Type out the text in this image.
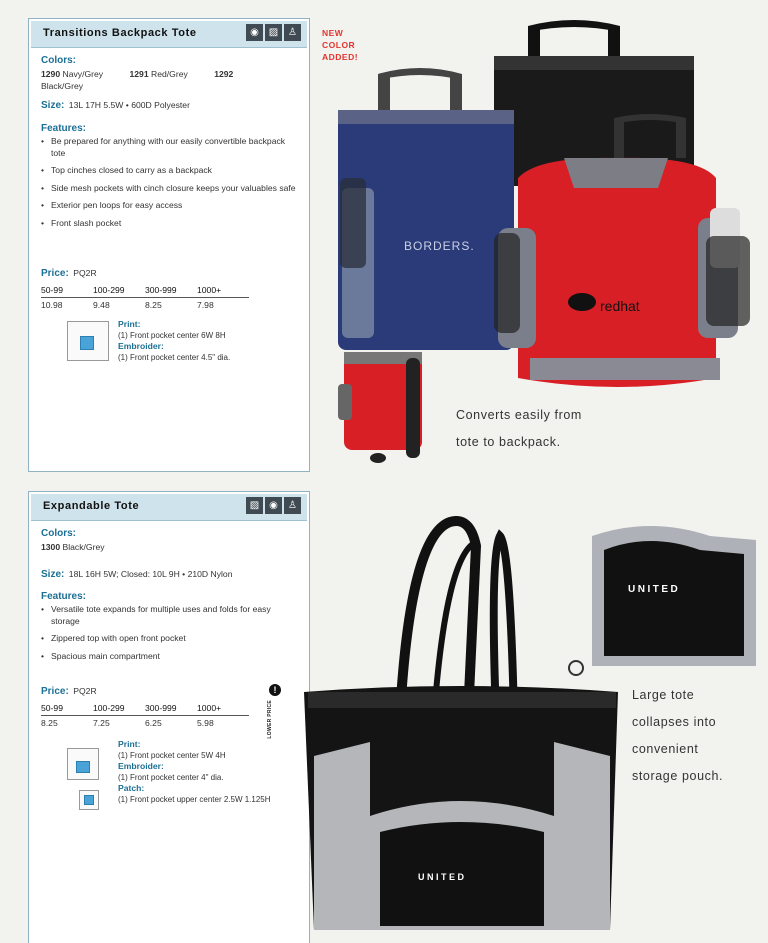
Transitions Backpack Tote	◉ ▨ ♙
Colors:
1290 Navy/Grey	1291 Red/Grey	1292 Black/Grey
Size: 13L 17H 5.5W • 600D Polyester
Features:
• Be prepared for anything with our easily convertible backpack tote
• Top cinches closed to carry as a backpack
• Side mesh pockets with cinch closure keeps your valuables safe
• Exterior pen loops for easy access
• Front slash pocket
Price: PQ2R
50-99	100-299	300-999	1000+
10.98	9.48	8.25	7.98
Print:
(1) Front pocket center 6W 8H
Embroider:
(1) Front pocket center 4.5" dia.
NEW
COLOR
ADDED!
BORDERS.
redhat
Converts easily from
tote to backpack.
Expandable Tote	▨ ◉	♙
Colors:
1300 Black/Grey
Size: 18L 16H 5W; Closed: 10L 9H • 210D Nylon
Features:
• Versatile tote expands for multiple uses and folds for easy storage
• Zippered top with open front pocket
• Spacious main compartment
Price: PQ2R
50-99	100-299	300-999	1000+
8.25	7.25	6.25	5.98
!
LOWER PRICE
Print:
(1) Front pocket center 5W 4H
Embroider:
(1) Front pocket center 4" dia.
Patch:
(1) Front pocket upper center 2.5W 1.125H
UNITED
UNITED
Large tote
collapses into
convenient
storage pouch.
